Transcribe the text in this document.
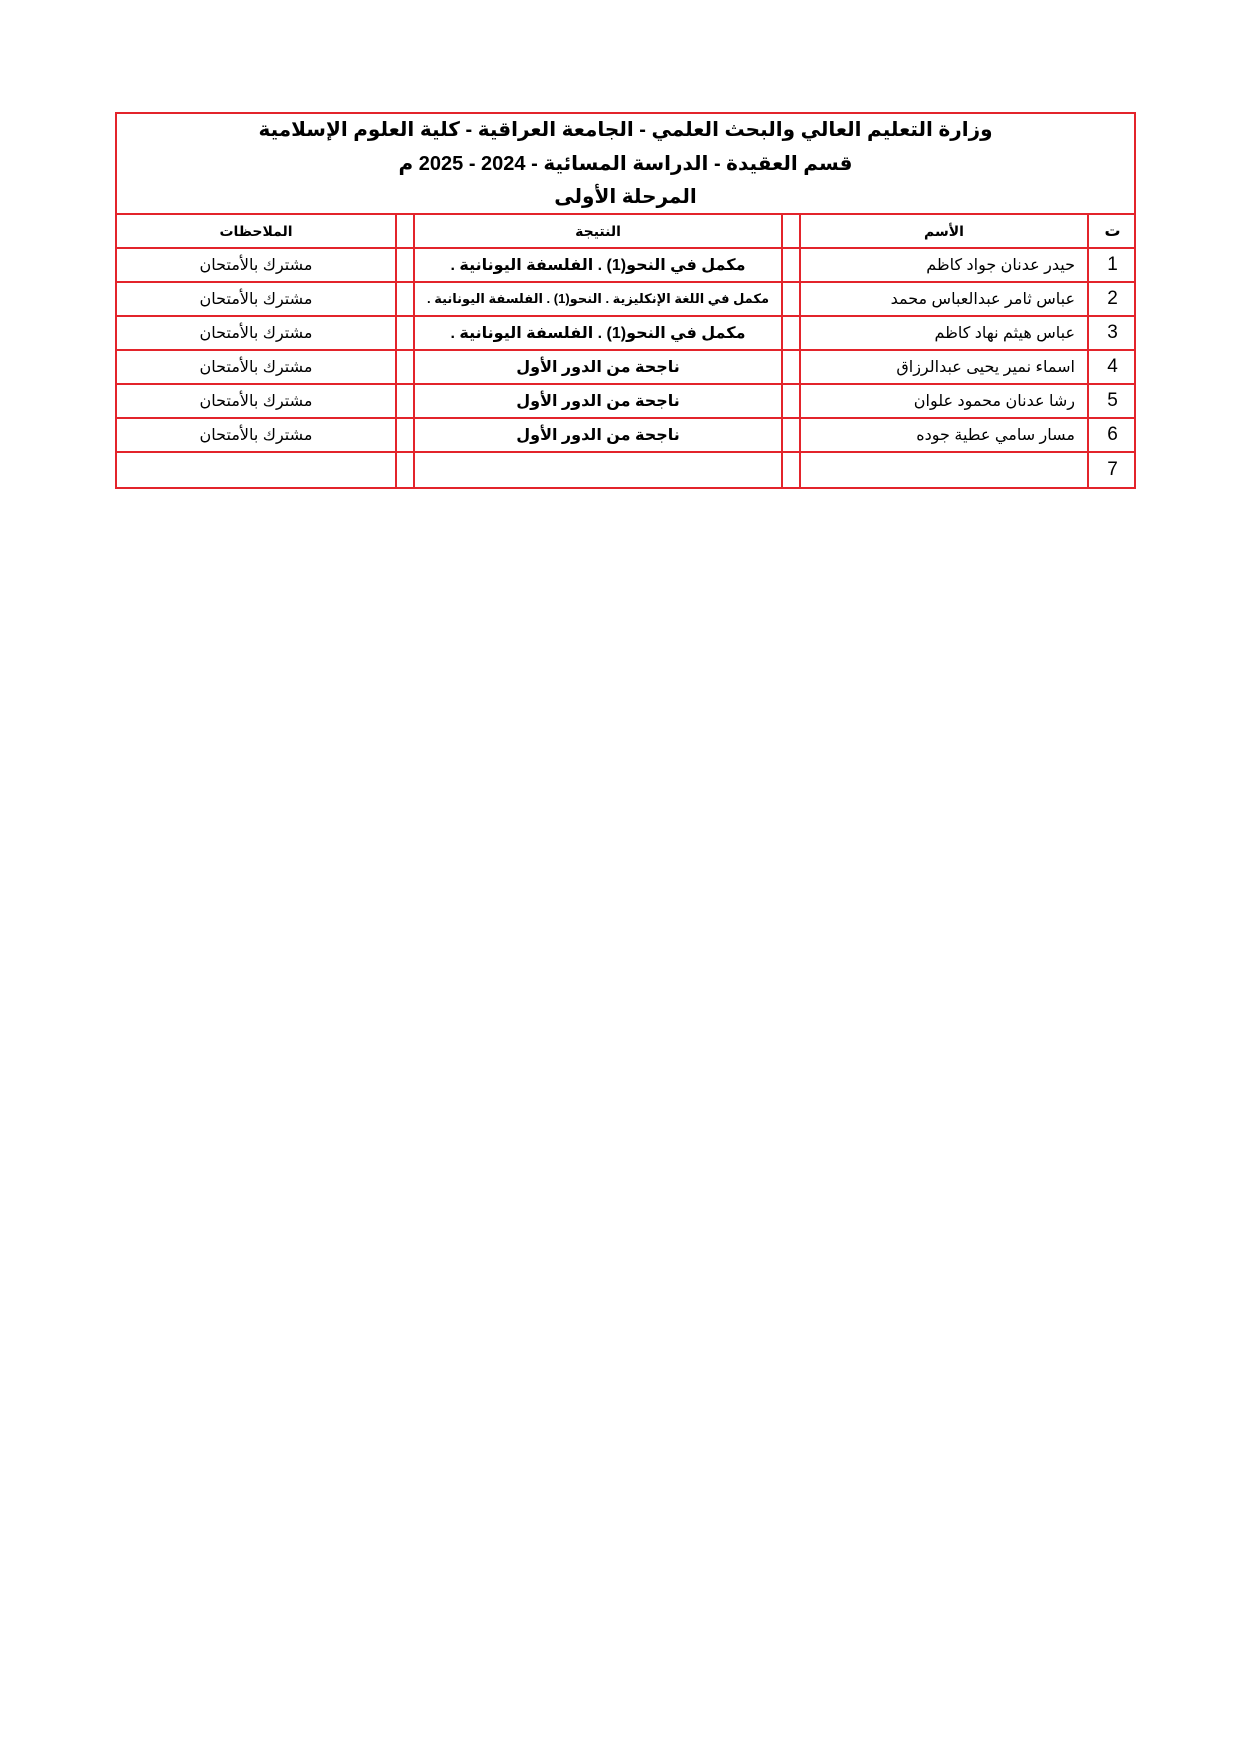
وزارة التعليم العالي والبحث العلمي - الجامعة العراقية - كلية العلوم الإسلامية
قسم العقيدة - الدراسة المسائية - 2024 - 2025 م
المرحلة الأولى
ت
الأسم
النتيجة
الملاحظات
1
حيدر عدنان جواد كاظم
مكمل في النحو(1) . الفلسفة اليونانية .
مشترك بالأمتحان
2
عباس ثامر عبدالعباس محمد
مكمل في اللغة الإنكليزية . النحو(1) . الفلسفة اليونانية .
مشترك بالأمتحان
3
عباس هيثم نهاد كاظم
مكمل في النحو(1) . الفلسفة اليونانية .
مشترك بالأمتحان
4
اسماء نمير يحيى عبدالرزاق
ناجحة من الدور الأول
مشترك بالأمتحان
5
رشا عدنان محمود علوان
ناجحة من الدور الأول
مشترك بالأمتحان
6
مسار سامي عطية جوده
ناجحة من الدور الأول
مشترك بالأمتحان
7
